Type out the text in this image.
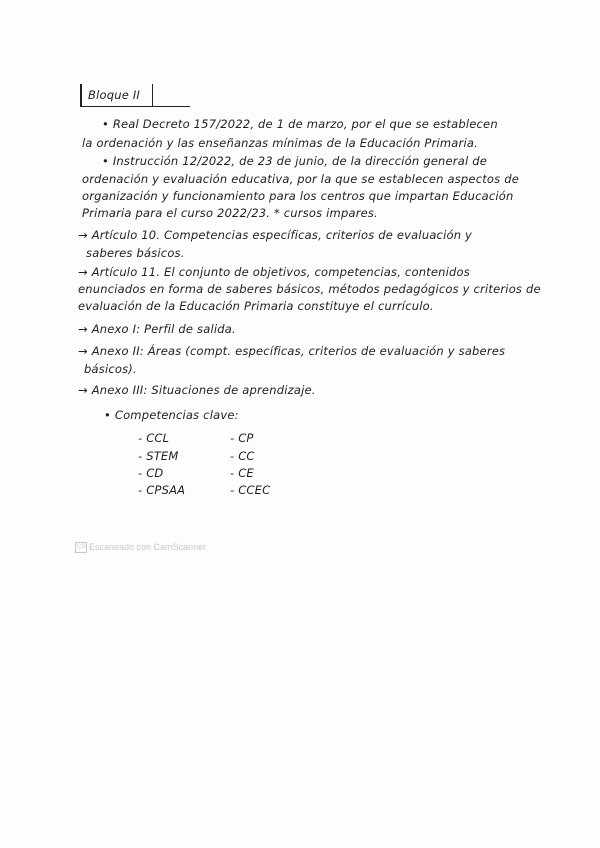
Bloque II
• Real Decreto 157/2022, de 1 de marzo, por el que se establecen
la ordenación y las enseñanzas mínimas de la Educación Primaria.
• Instrucción 12/2022, de 23 de junio, de la dirección general de
ordenación y evaluación educativa, por la que se establecen aspectos de
organización y funcionamiento para los centros que impartan Educación
Primaria para el curso 2022/23. * cursos impares.
→ Artículo 10. Competencias específicas, criterios de evaluación y
saberes básicos.
→ Artículo 11. El conjunto de objetivos, competencias, contenidos
enunciados en forma de saberes básicos, métodos pedagógicos y criterios de
evaluación de la Educación Primaria constituye el currículo.
→ Anexo I: Perfil de salida.
→ Anexo II: Áreas (compt. específicas, criterios de evaluación y saberes
básicos).
→ Anexo III: Situaciones de aprendizaje.
• Competencias clave:
- CCL
- STEM
- CD
- CPSAA
- CP
- CC
- CE
- CCEC
CS Escaneado con CamScanner
